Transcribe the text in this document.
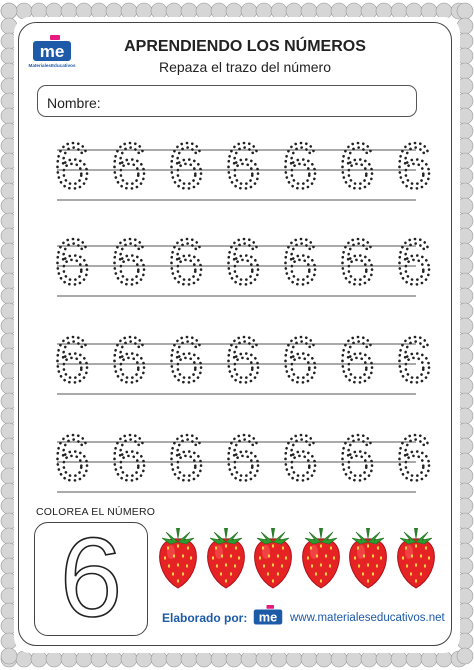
me
MaterialesEducativos
APRENDIENDO LOS NÚMEROS
Repaza el trazo del número
Nombre:
6 6 6 6 6 6 6
6 6 6 6 6 6 6
6 6 6 6 6 6 6
6 6 6 6 6 6 6
COLOREA EL NÚMERO
6	Elaborado por: me www.materialeseducativos.net
